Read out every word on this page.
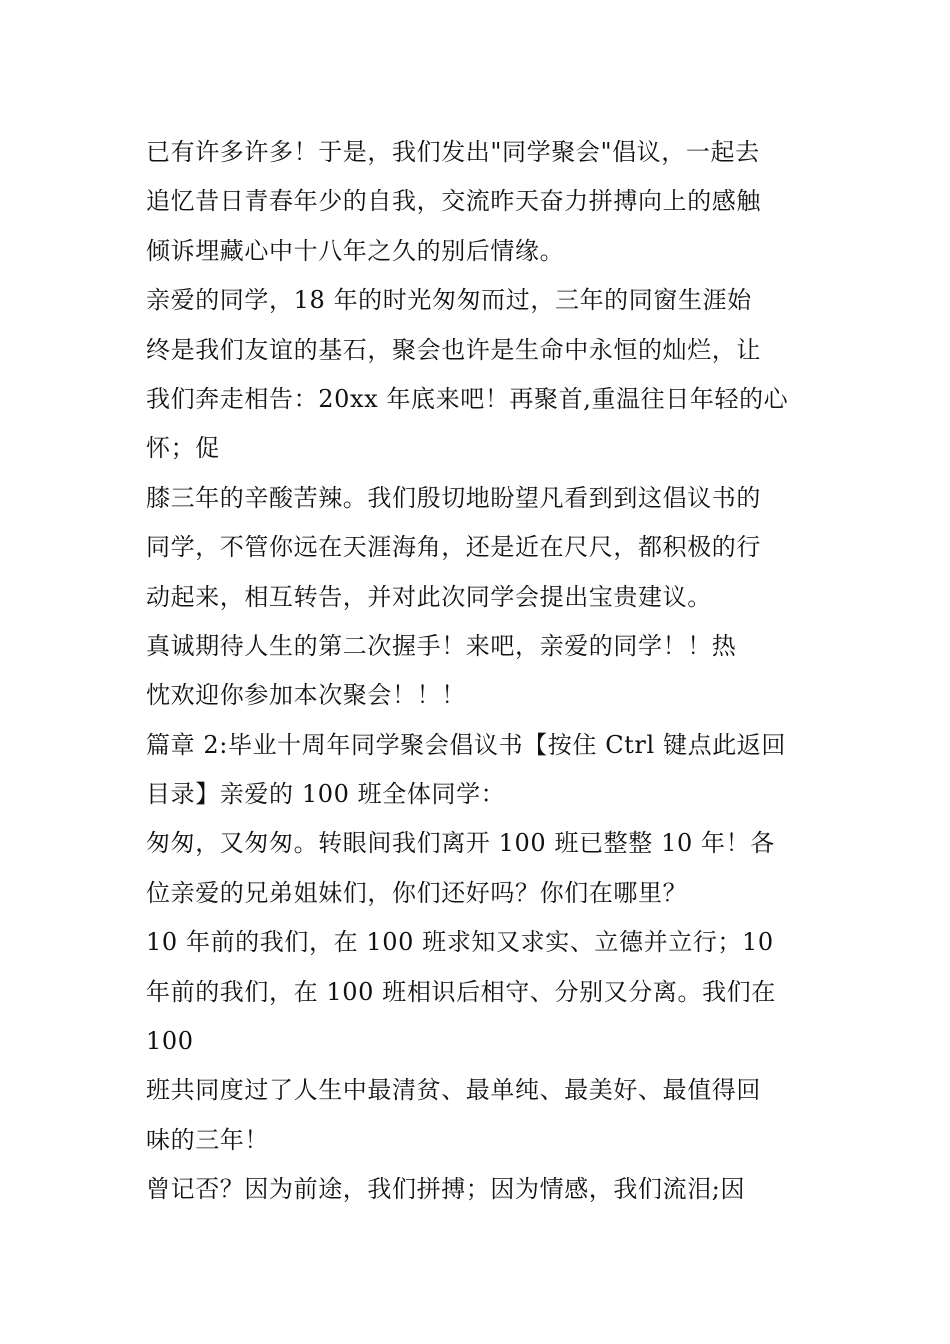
已有许多许多！于是，我们发出"同学聚会"倡议，一起去
追忆昔日青春年少的自我，交流昨天奋力拼搏向上的感触
倾诉埋藏心中十八年之久的别后情缘。
亲爱的同学，18 年的时光匆匆而过，三年的同窗生涯始
终是我们友谊的基石，聚会也许是生命中永恒的灿烂，让
我们奔走相告：20xx 年底来吧！再聚首,重温往日年轻的心
怀；促
膝三年的辛酸苦辣。我们殷切地盼望凡看到到这倡议书的
同学，不管你远在天涯海角，还是近在尺尺，都积极的行
动起来，相互转告，并对此次同学会提出宝贵建议。
真诚期待人生的第二次握手！来吧，亲爱的同学！！热
忱欢迎你参加本次聚会！！！
篇章 2:毕业十周年同学聚会倡议书【按住 Ctrl 键点此返回
目录】亲爱的 100 班全体同学：
匆匆，又匆匆。转眼间我们离开 100 班已整整 10 年！各
位亲爱的兄弟姐妹们，你们还好吗？你们在哪里？
10 年前的我们，在 100 班求知又求实、立德并立行；10
年前的我们，在 100 班相识后相守、分别又分离。我们在
100
班共同度过了人生中最清贫、最单纯、最美好、最值得回
味的三年！
曾记否？因为前途，我们拼搏；因为情感，我们流泪;因
